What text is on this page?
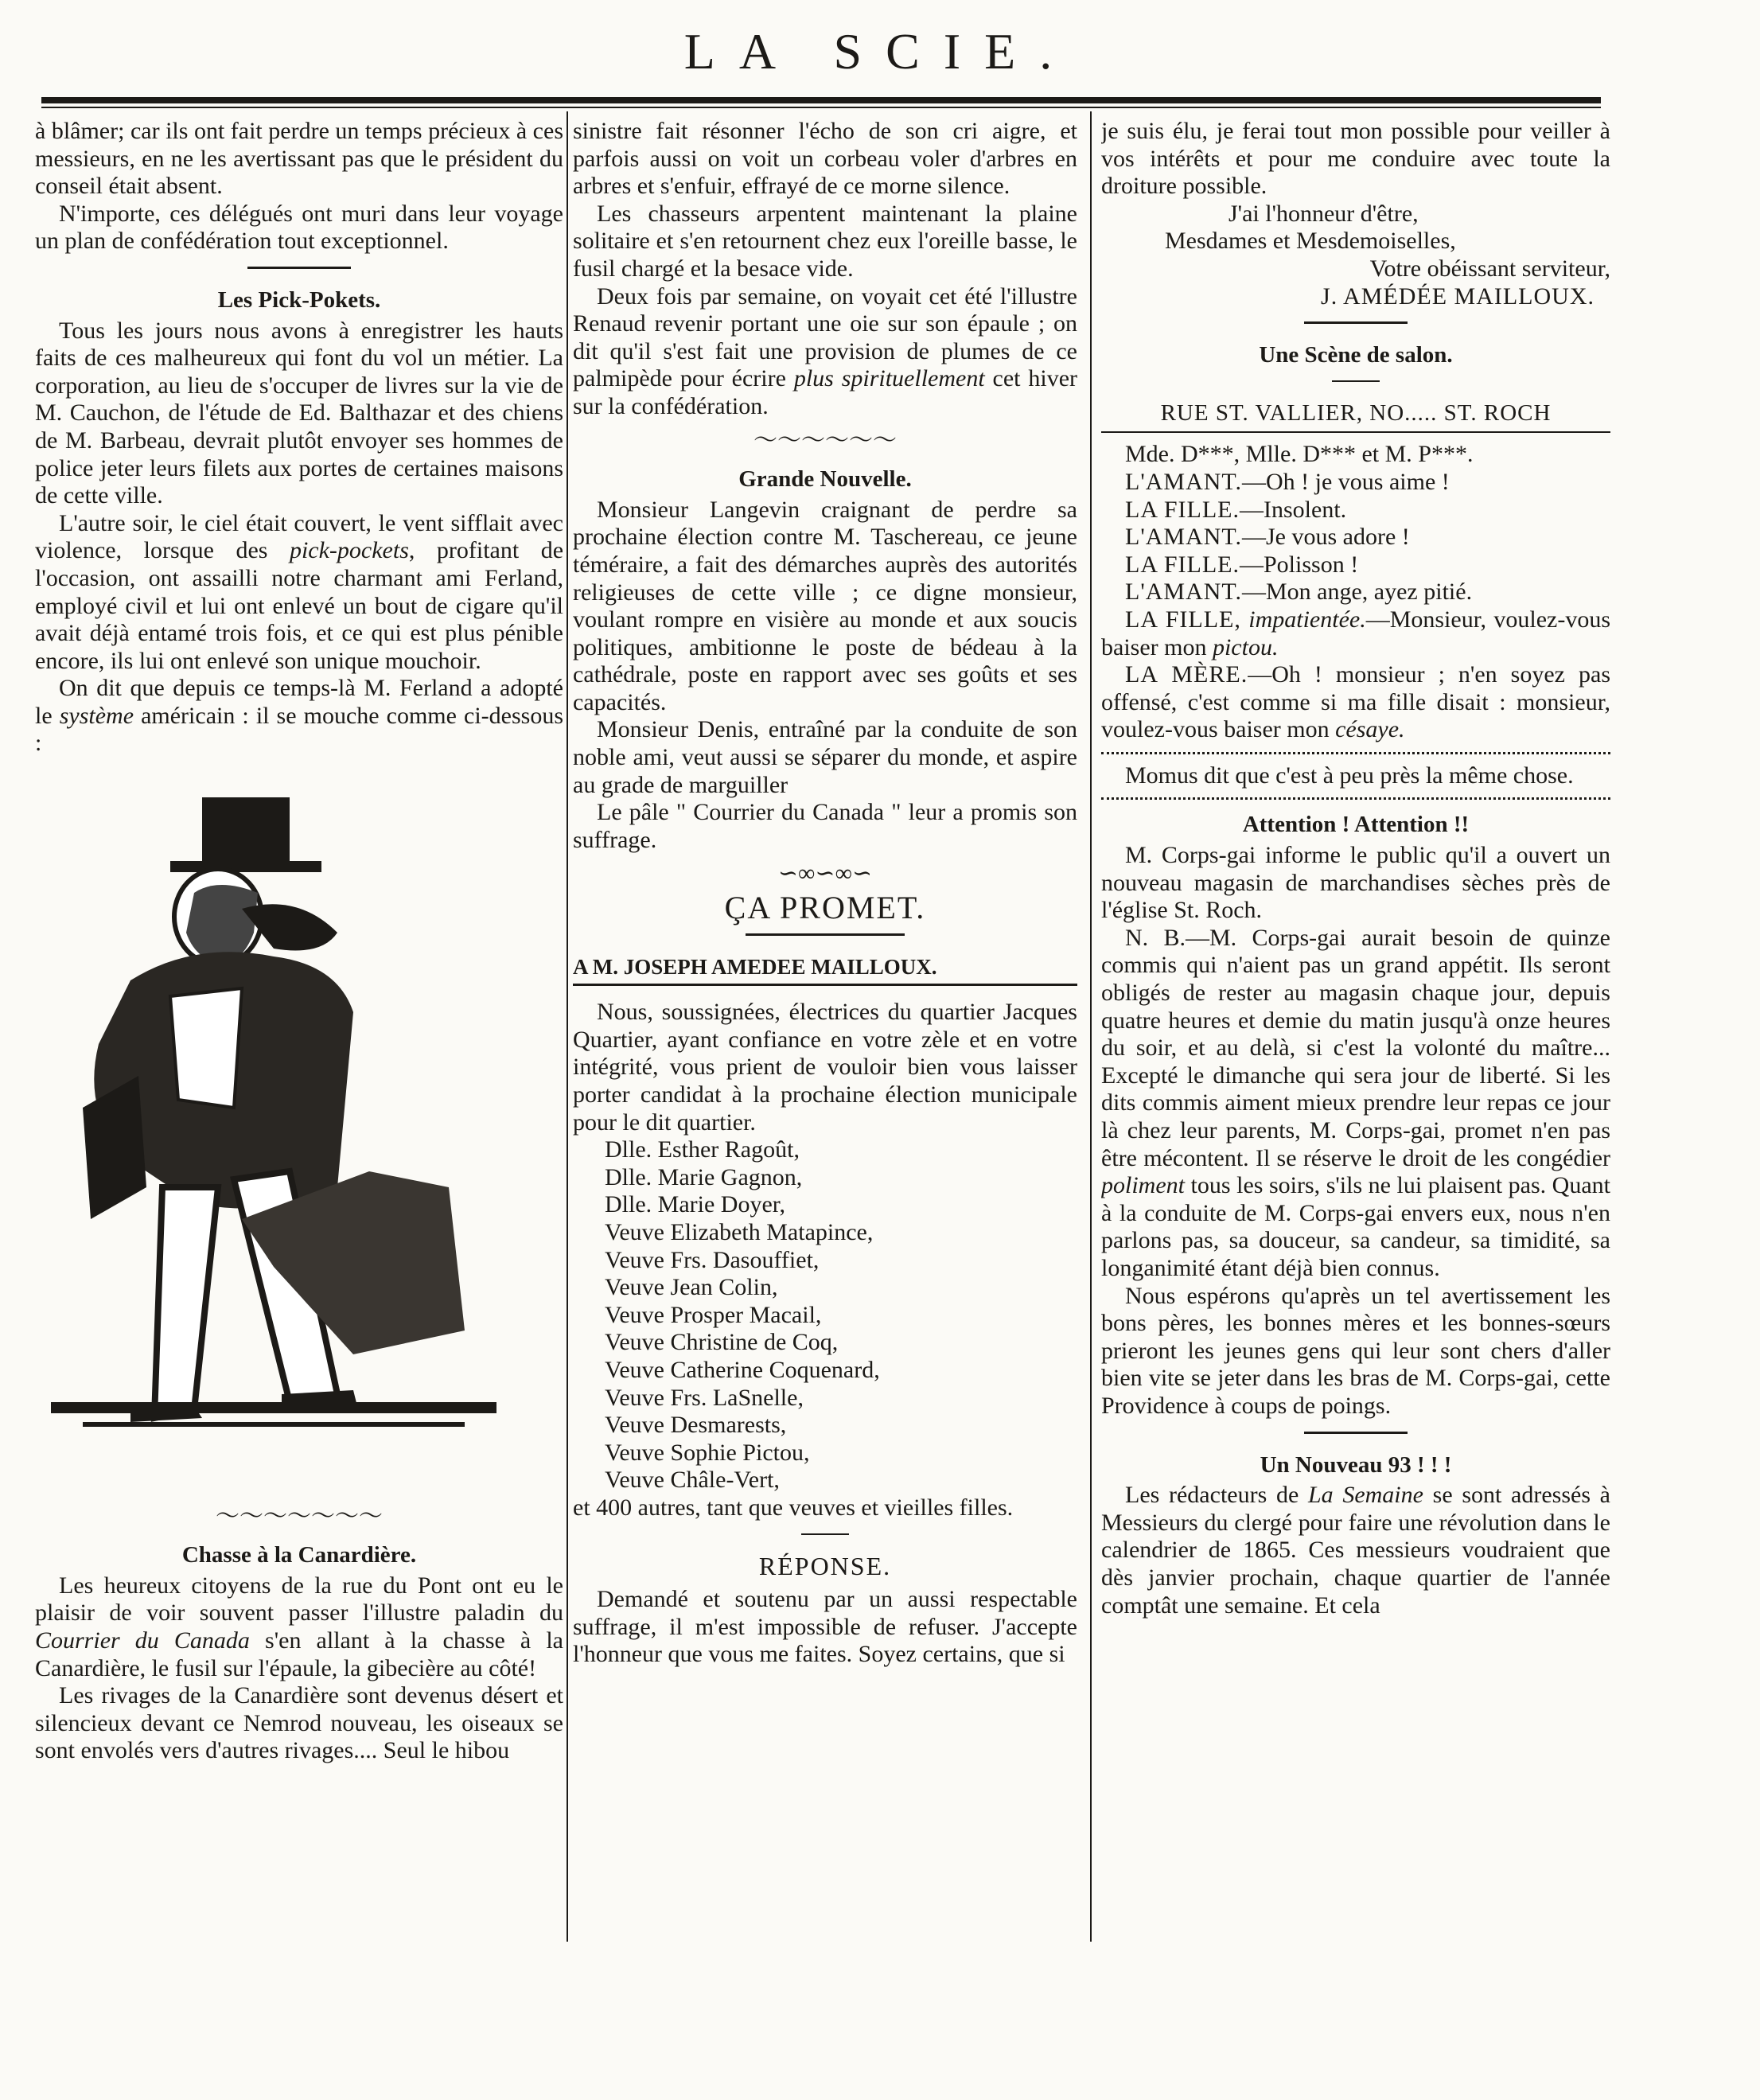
LA SCIE.

à blâmer; car ils ont fait perdre un temps précieux à ces messieurs, en ne les avertissant pas que le président du conseil était absent.

N'importe, ces délégués ont muri dans leur voyage un plan de confédération tout exceptionnel.

Les Pick-Pokets.

Tous les jours nous avons à enregistrer les hauts faits de ces malheureux qui font du vol un métier. La corporation, au lieu de s'occuper de livres sur la vie de M. Cauchon, de l'étude de Ed. Balthazar et des chiens de M. Barbeau, devrait plutôt envoyer ses hommes de police jeter leurs filets aux portes de certaines maisons de cette ville.

L'autre soir, le ciel était couvert, le vent sifflait avec violence, lorsque des pick-pockets, profitant de l'occasion, ont assailli notre charmant ami Ferland, employé civil et lui ont enlevé un bout de cigare qu'il avait déjà entamé trois fois, et ce qui est plus pénible encore, ils lui ont enlevé son unique mouchoir.

On dit que depuis ce temps-là M. Ferland a adopté le système américain : il se mouche comme ci-dessous :

〜〜〜〜〜〜〜
Chasse à la Canardière.

Les heureux citoyens de la rue du Pont ont eu le plaisir de voir souvent passer l'illustre paladin du Courrier du Canada s'en allant à la chasse à la Canardière, le fusil sur l'épaule, la gibecière au côté!

Les rivages de la Canardière sont devenus désert et silencieux devant ce Nemrod nouveau, les oiseaux se sont envolés vers d'autres rivages.... Seul le hibou

sinistre fait résonner l'écho de son cri aigre, et parfois aussi on voit un corbeau voler d'arbres en arbres et s'enfuir, effrayé de ce morne silence.

Les chasseurs arpentent maintenant la plaine solitaire et s'en retournent chez eux l'oreille basse, le fusil chargé et la besace vide.

Deux fois par semaine, on voyait cet été l'illustre Renaud revenir portant une oie sur son épaule ; on dit qu'il s'est fait une provision de plumes de ce palmipède pour écrire plus spirituellement cet hiver sur la confédération.

〜〜〜〜〜〜
Grande Nouvelle.

Monsieur Langevin craignant de perdre sa prochaine élection contre M. Taschereau, ce jeune téméraire, a fait des démarches auprès des autorités religieuses de cette ville ; ce digne monsieur, voulant rompre en visière au monde et aux soucis politiques, ambitionne le poste de bédeau à la cathédrale, poste en rapport avec ses goûts et ses capacités.

Monsieur Denis, entraîné par la conduite de son noble ami, veut aussi se séparer du monde, et aspire au grade de marguiller

Le pâle " Courrier du Canada " leur a promis son suffrage.

∽∞∽∞∽
ÇA PROMET.
A M. JOSEPH AMEDEE MAILLOUX.

Nous, soussignées, électrices du quartier Jacques Quartier, ayant confiance en votre zèle et en votre intégrité, vous prient de vouloir bien vous laisser porter candidat à la prochaine élection municipale pour le dit quartier.

Dlle. Esther Ragoût,
Dlle. Marie Gagnon,
Dlle. Marie Doyer,
Veuve Elizabeth Matapince,
Veuve Frs. Dasouffiet,
Veuve Jean Colin,
Veuve Prosper Macail,
Veuve Christine de Coq,
Veuve Catherine Coquenard,
Veuve Frs. LaSnelle,
Veuve Desmarests,
Veuve Sophie Pictou,
Veuve Châle-Vert,

et 400 autres, tant que veuves et vieilles filles.

RÉPONSE.

Demandé et soutenu par un aussi respectable suffrage, il m'est impossible de refuser. J'accepte l'honneur que vous me faites. Soyez certains, que si

je suis élu, je ferai tout mon possible pour veiller à vos intérêts et pour me conduire avec toute la droiture possible.

J'ai l'honneur d'être,
Mesdames et Mesdemoiselles,
Votre obéissant serviteur,
J. AMÉDÉE MAILLOUX.
Une Scène de salon.
RUE ST. VALLIER, NO..... ST. ROCH

Mde. D***, Mlle. D*** et M. P***.

L'AMANT.—Oh ! je vous aime !

LA FILLE.—Insolent.

L'AMANT.—Je vous adore !

LA FILLE.—Polisson !

L'AMANT.—Mon ange, ayez pitié.

LA FILLE, impatientée.—Monsieur, voulez-vous baiser mon pictou.

LA MÈRE.—Oh ! monsieur ; n'en soyez pas offensé, c'est comme si ma fille disait : monsieur, voulez-vous baiser mon césaye.

Momus dit que c'est à peu près la même chose.

Attention ! Attention !!

M. Corps-gai informe le public qu'il a ouvert un nouveau magasin de marchandises sèches près de l'église St. Roch.

N. B.—M. Corps-gai aurait besoin de quinze commis qui n'aient pas un grand appétit. Ils seront obligés de rester au magasin chaque jour, depuis quatre heures et demie du matin jusqu'à onze heures du soir, et au delà, si c'est la volonté du maître... Excepté le dimanche qui sera jour de liberté. Si les dits commis aiment mieux prendre leur repas ce jour là chez leur parents, M. Corps-gai, promet n'en pas être mécontent. Il se réserve le droit de les congédier poliment tous les soirs, s'ils ne lui plaisent pas. Quant à la conduite de M. Corps-gai envers eux, nous n'en parlons pas, sa douceur, sa candeur, sa timidité, sa longanimité étant déjà bien connus.

Nous espérons qu'après un tel avertissement les bons pères, les bonnes mères et les bonnes-sœurs prieront les jeunes gens qui leur sont chers d'aller bien vite se jeter dans les bras de M. Corps-gai, cette Providence à coups de poings.

Un Nouveau 93 ! ! !

Les rédacteurs de La Semaine se sont adressés à Messieurs du clergé pour faire une révolution dans le calendrier de 1865. Ces messieurs voudraient que dès janvier prochain, chaque quartier de l'année comptât une semaine. Et cela
